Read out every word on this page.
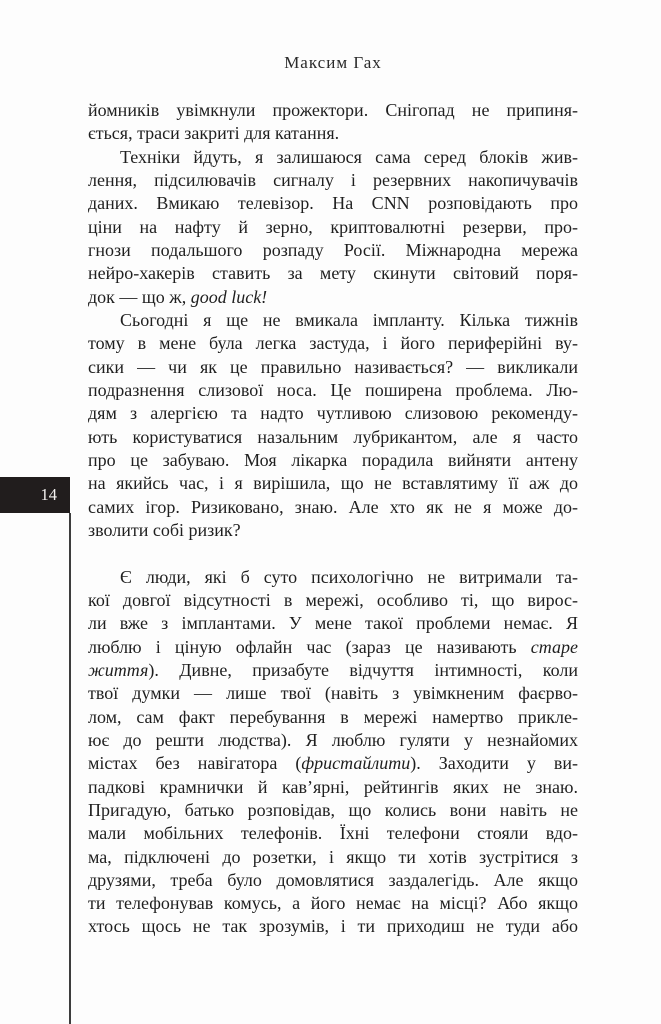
Максим Гах
14

йомників увімкнули прожектори. Снігопад не припиня-
ється, траси закриті для катання.

Техніки йдуть, я залишаюся сама серед блоків жив-
лення, підсилювачів сигналу і резервних накопичувачів
даних. Вмикаю телевізор. На CNN розповідають про
ціни на нафту й зерно, криптовалютні резерви, про-
гнози подальшого розпаду Росії. Міжнародна мережа
нейро-хакерів ставить за мету скинути світовий поря-
док — що ж, good luck!

Сьогодні я ще не вмикала імпланту. Кілька тижнів
тому в мене була легка застуда, і його периферійні ву-
сики — чи як це правильно називається? — викликали
подразнення слизової носа. Це поширена проблема. Лю-
дям з алергією та надто чутливою слизовою рекоменду-
ють користуватися назальним лубрикантом, але я часто
про це забуваю. Моя лікарка порадила вийняти антену
на якийсь час, і я вирішила, що не вставлятиму її аж до
самих ігор. Ризиковано, знаю. Але хто як не я може до-
зволити собі ризик?

Є люди, які б суто психологічно не витримали та-
кої довгої відсутності в мережі, особливо ті, що вирос-
ли вже з імплантами. У мене такої проблеми немає. Я
люблю і ціную офлайн час (зараз це називають старе
життя). Дивне, призабуте відчуття інтимності, коли
твої думки — лише твої (навіть з увімкненим фаєрво-
лом, сам факт перебування в мережі намертво прикле-
ює до решти людства). Я люблю гуляти у незнайомих
містах без навігатора (фристайлити). Заходити у ви-
падкові крамнички й кав’ярні, рейтингів яких не знаю.
Пригадую, батько розповідав, що колись вони навіть не
мали мобільних телефонів. Їхні телефони стояли вдо-
ма, підключені до розетки, і якщо ти хотів зустрітися з
друзями, треба було домовлятися заздалегідь. Але якщо
ти телефонував комусь, а його немає на місці? Або якщо
хтось щось не так зрозумів, і ти приходиш не туди або
